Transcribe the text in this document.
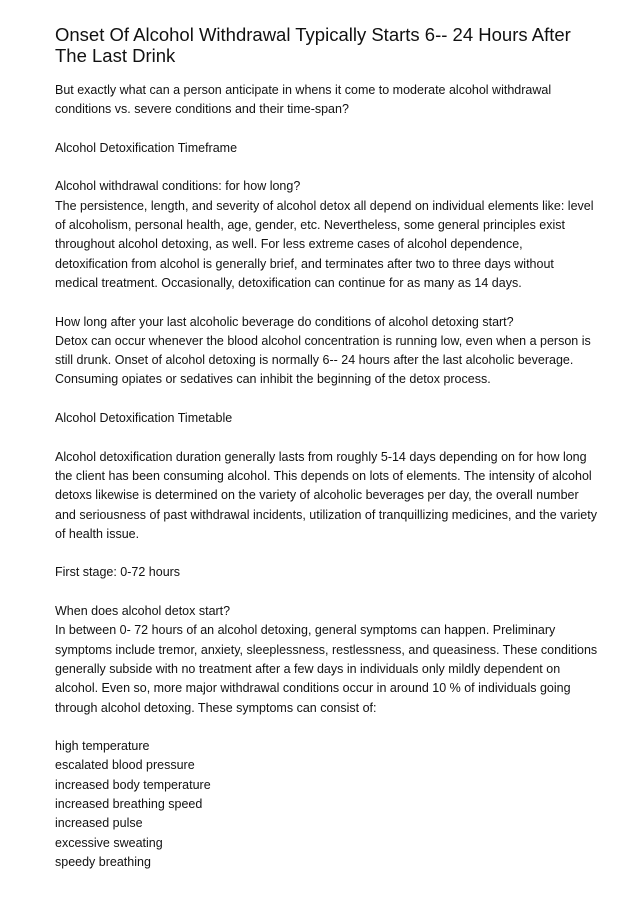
Onset Of Alcohol Withdrawal Typically Starts 6-- 24 Hours After The Last Drink

But exactly what can a person anticipate in whens it come to moderate alcohol withdrawal conditions vs. severe conditions and their time-span?

Alcohol Detoxification Timeframe

Alcohol withdrawal conditions: for how long?
The persistence, length, and severity of alcohol detox all depend on individual elements like: level of alcoholism, personal health, age, gender, etc. Nevertheless, some general principles exist throughout alcohol detoxing, as well. For less extreme cases of alcohol dependence, detoxification from alcohol is generally brief, and terminates after two to three days without medical treatment. Occasionally, detoxification can continue for as many as 14 days.

How long after your last alcoholic beverage do conditions of alcohol detoxing start?
Detox can occur whenever the blood alcohol concentration is running low, even when a person is still drunk. Onset of alcohol detoxing is normally 6-- 24 hours after the last alcoholic beverage. Consuming opiates or sedatives can inhibit the beginning of the detox process.

Alcohol Detoxification Timetable

Alcohol detoxification duration generally lasts from roughly 5-14 days depending on for how long the client has been consuming alcohol. This depends on lots of elements. The intensity of alcohol detoxs likewise is determined on the variety of alcoholic beverages per day, the overall number and seriousness of past withdrawal incidents, utilization of tranquillizing medicines, and the variety of health issue.

First stage: 0-72 hours

When does alcohol detox start?
In between 0- 72 hours of an alcohol detoxing, general symptoms can happen. Preliminary symptoms include tremor, anxiety, sleeplessness, restlessness, and queasiness. These conditions generally subside with no treatment after a few days in individuals only mildly dependent on alcohol. Even so, more major withdrawal conditions occur in around 10 % of individuals going through alcohol detoxing. These symptoms can consist of:

high temperature
escalated blood pressure
increased body temperature
increased breathing speed
increased pulse
excessive sweating
speedy breathing
